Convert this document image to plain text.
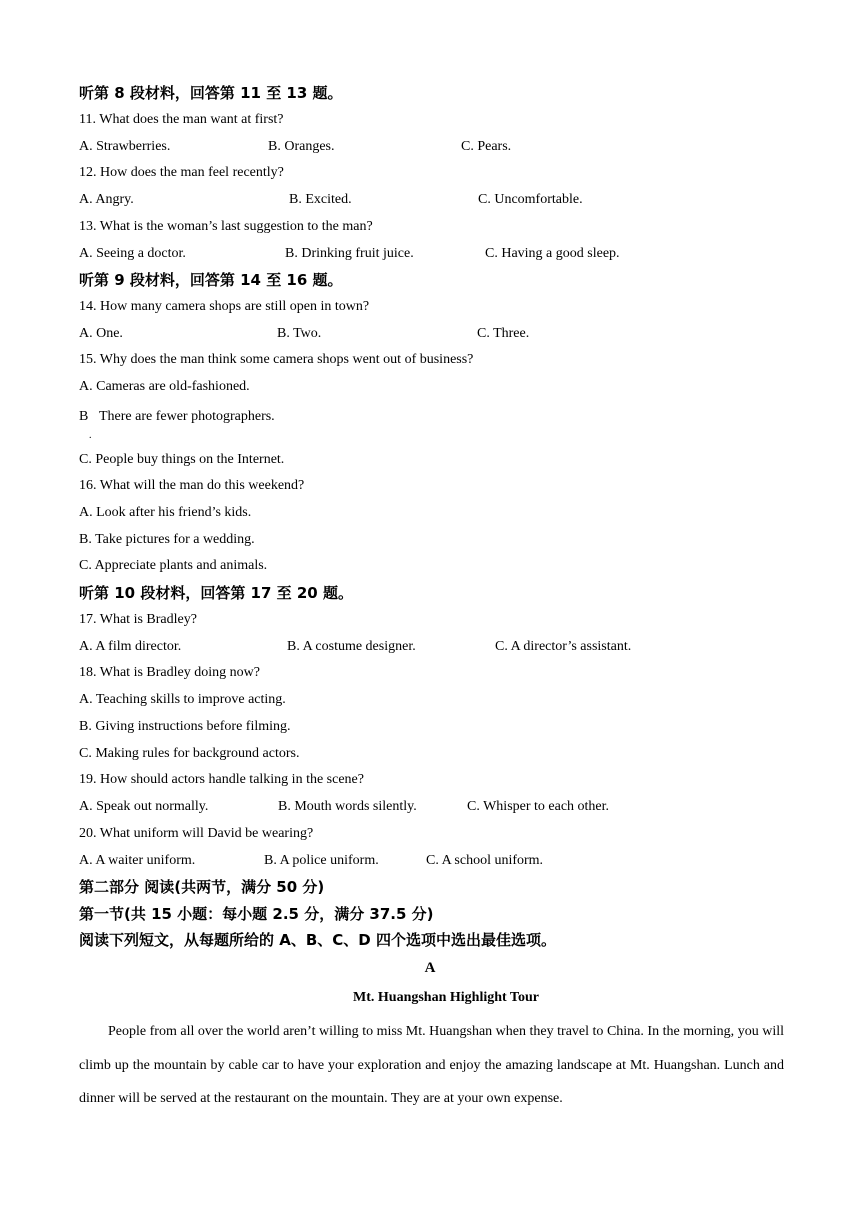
听第 8 段材料，回答第 11 至 13 题。
11. What does the man want at first?
A. Strawberries.	B. Oranges.	C. Pears.
12. How does the man feel recently?
A. Angry.	B. Excited.	C. Uncomfortable.
13. What is the woman’s last suggestion to the man?
A. Seeing a doctor.	B. Drinking fruit juice.	C. Having a good sleep.
听第 9 段材料，回答第 14 至 16 题。
14. How many camera shops are still open in town?
A. One.	B. Two.	C. Three.
15. Why does the man think some camera shops went out of business?
A. Cameras are old-fashioned.
B There are fewer photographers.
.
C. People buy things on the Internet.
16. What will the man do this weekend?
A. Look after his friend’s kids.
B. Take pictures for a wedding.
C. Appreciate plants and animals.
听第 10 段材料，回答第 17 至 20 题。
17. What is Bradley?
A. A film director.	B. A costume designer.	C. A director’s assistant.
18. What is Bradley doing now?
A. Teaching skills to improve acting.
B. Giving instructions before filming.
C. Making rules for background actors.
19. How should actors handle talking in the scene?
A. Speak out normally.	B. Mouth words silently.	C. Whisper to each other.
20. What uniform will David be wearing?
A. A waiter uniform.	B. A police uniform.	C. A school uniform.
第二部分 阅读(共两节，满分 50 分)
第一节(共 15 小题：每小题 2.5 分，满分 37.5 分)
阅读下列短文，从每题所给的 A、B、C、D 四个选项中选出最佳选项。
A
Mt. Huangshan Highlight Tour
People from all over the world aren’t willing to miss Mt. Huangshan when they travel to China. In the morning, you will climb up the mountain by cable car to have your exploration and enjoy the amazing landscape at Mt. Huangshan. Lunch and dinner will be served at the restaurant on the mountain. They are at your own expense.
